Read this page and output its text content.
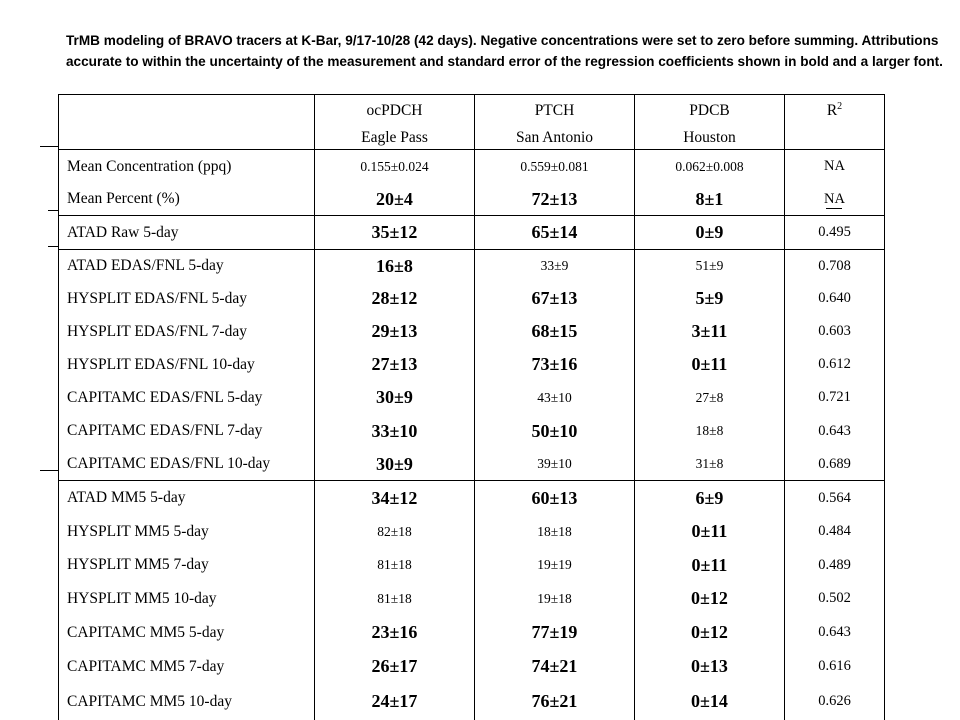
TrMB modeling of BRAVO tracers at K-Bar, 9/17-10/28 (42 days). Negative concentrations were set to zero before summing. Attributions accurate to within the uncertainty of the measurement and standard error of the regression coefficients shown in bold and a larger font.
	ocPDCH	PTCH	PDCB	$R^2$
	Eagle Pass	San Antonio	Houston	
Mean Concentration (ppq)	0.155±0.024	0.559±0.081	0.062±0.008	NA
Mean Percent (%)	20±4	72±13	8±1	NA
ATAD Raw 5-day	35±12	65±14	0±9	0.495
ATAD EDAS/FNL 5-day	16±8	33±9	51±9	0.708
HYSPLIT EDAS/FNL 5-day	28±12	67±13	5±9	0.640
HYSPLIT EDAS/FNL 7-day	29±13	68±15	3±11	0.603
HYSPLIT EDAS/FNL 10-day	27±13	73±16	0±11	0.612
CAPITAMC EDAS/FNL 5-day	30±9	43±10	27±8	0.721
CAPITAMC EDAS/FNL 7-day	33±10	50±10	18±8	0.643
CAPITAMC EDAS/FNL 10-day	30±9	39±10	31±8	0.689
ATAD MM5 5-day	34±12	60±13	6±9	0.564
HYSPLIT MM5 5-day	82±18	18±18	0±11	0.484
HYSPLIT MM5 7-day	81±18	19±19	0±11	0.489
HYSPLIT MM5 10-day	81±18	19±18	0±12	0.502
CAPITAMC MM5 5-day	23±16	77±19	0±12	0.643
CAPITAMC MM5 7-day	26±17	74±21	0±13	0.616
CAPITAMC MM5 10-day	24±17	76±21	0±14	0.626
